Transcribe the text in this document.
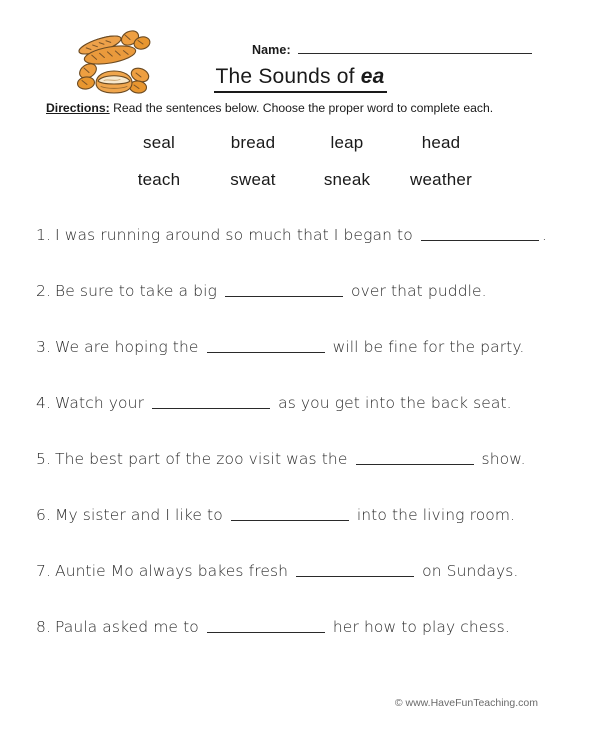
Name:
The Sounds of ea
Directions: Read the sentences below. Choose the proper word to complete each.
seal	bread	leap	head
teach	sweat	sneak	weather
1. I was running around so much that I began to	.
2. Be sure to take a big	over that puddle.
3. We are hoping the	will be fine for the party.
4. Watch your	as you get into the back seat.
5. The best part of the zoo visit was the	show.
6. My sister and I like to	into the living room.
7. Auntie Mo always bakes fresh	on Sundays.
8. Paula asked me to	her how to play chess.
© www.HaveFunTeaching.com
